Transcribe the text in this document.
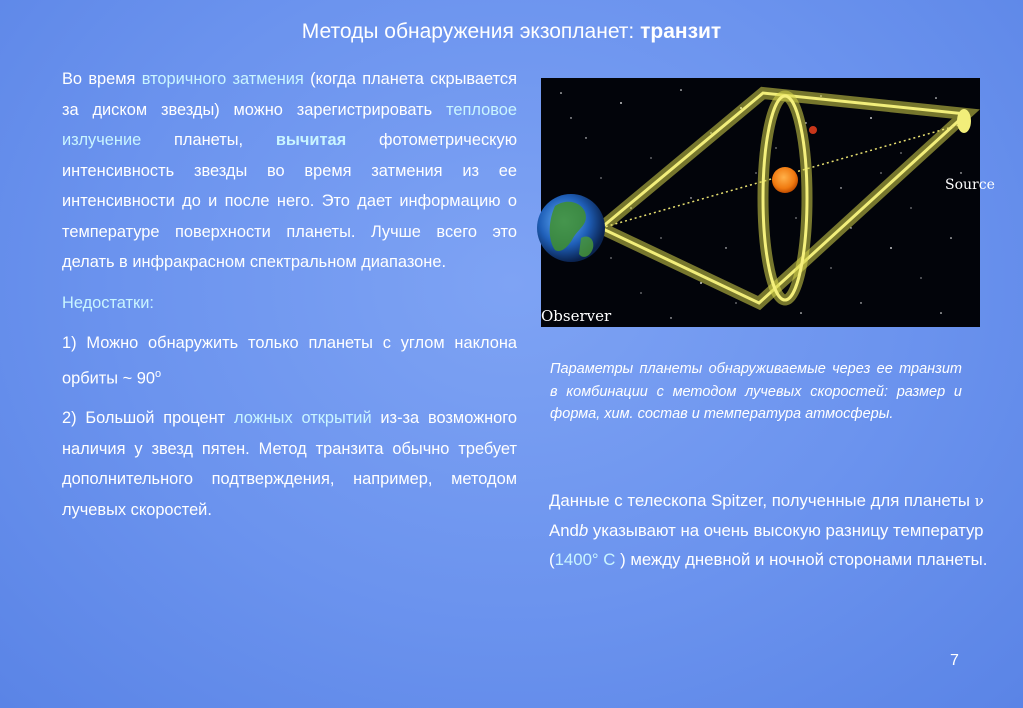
Методы обнаружения экзопланет: транзит

Во время вторичного затмения (когда планета скрывается за диском звезды) можно зарегистрировать тепловое излучение планеты, вычитая фотометрическую интенсивность звезды во время затмения из ее интенсивности до и после него. Это дает информацию о температуре поверхности планеты. Лучше всего это делать в инфракрасном спектральном диапазоне.

Недостатки:

1) Можно обнаружить только планеты с углом наклона орбиты ~ 90$^o$

2) Большой процент ложных открытий из-за возможного наличия у звезд пятен. Метод транзита обычно требует дополнительного подтверждения, например, методом лучевых скоростей.

Observer
Source
Параметры планеты обнаруживаемые через ее транзит в комбинации с методом лучевых скоростей: размер и форма, хим. состав и температура атмосферы.
Данные с телескопа Spitzer, полученные для планеты ν Andb указывают на очень высокую разницу температур (1400° C ) между дневной и ночной сторонами планеты.
7
